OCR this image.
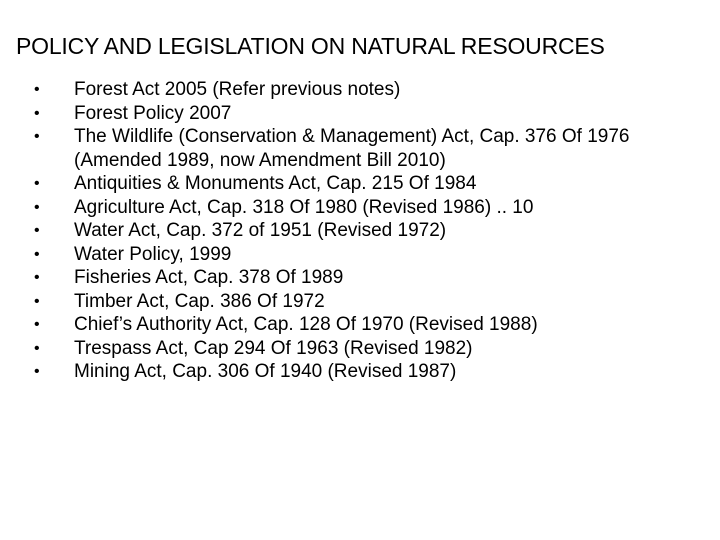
POLICY AND LEGISLATION ON NATURAL RESOURCES
• Forest Act 2005 (Refer previous notes)
• Forest Policy 2007
• The Wildlife (Conservation & Management) Act, Cap. 376 Of 1976
(Amended 1989, now Amendment Bill 2010)
• Antiquities & Monuments Act, Cap. 215 Of 1984
• Agriculture Act, Cap. 318 Of 1980 (Revised 1986) .. 10
• Water Act, Cap. 372 of 1951 (Revised 1972)
• Water Policy, 1999
• Fisheries Act, Cap. 378 Of 1989
• Timber Act, Cap. 386 Of 1972
• Chief’s Authority Act, Cap. 128 Of 1970 (Revised 1988)
• Trespass Act, Cap 294 Of 1963 (Revised 1982)
• Mining Act, Cap. 306 Of 1940 (Revised 1987)
